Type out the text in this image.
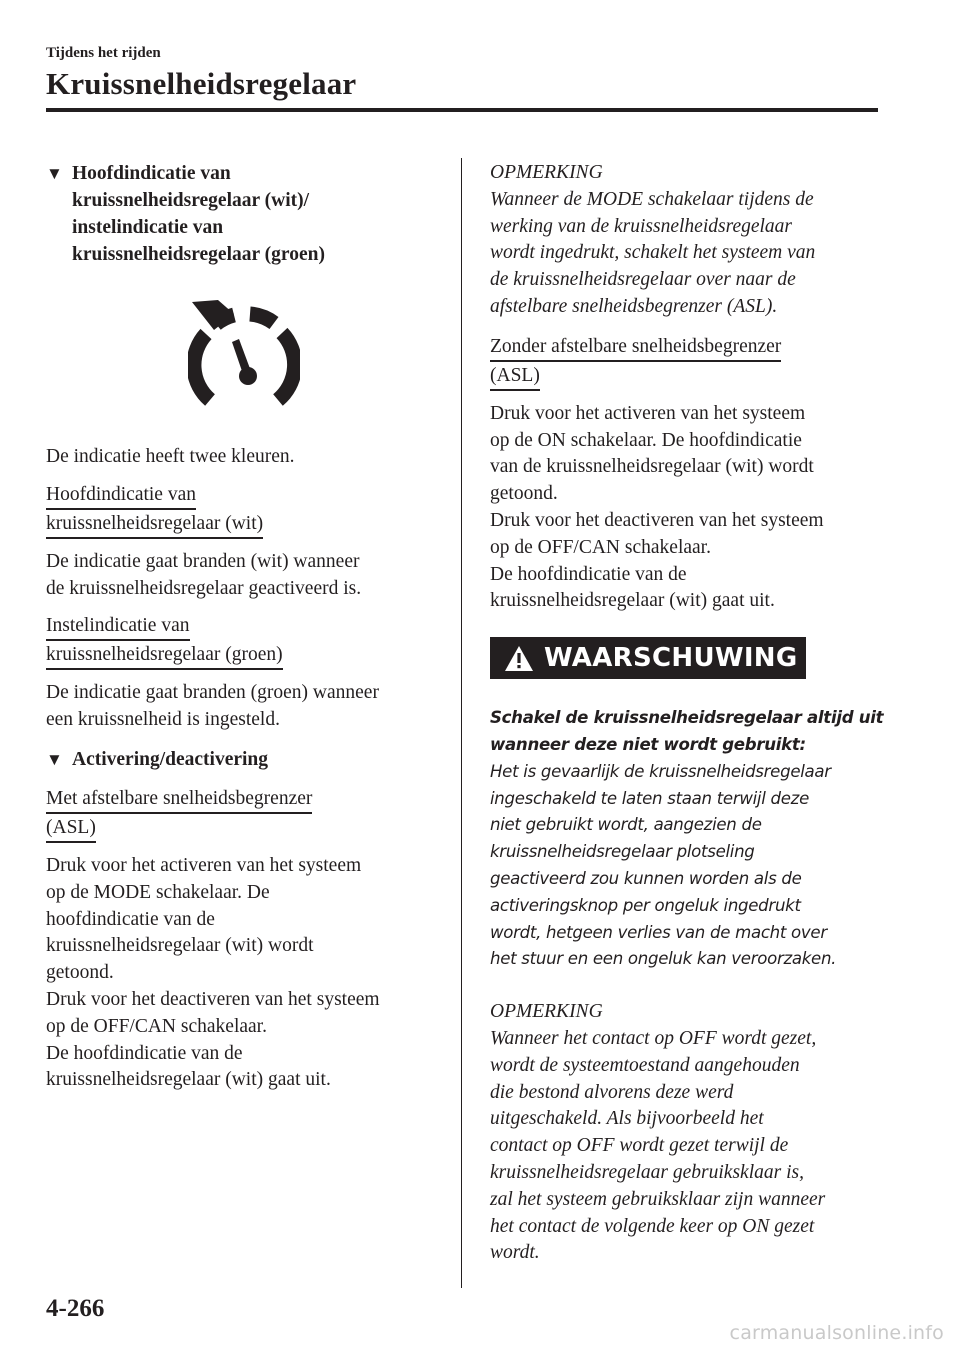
Tijdens het rijden
Kruissnelheidsregelaar
▼ Hoofdindicatie van
kruissnelheidsregelaar (wit)/
instelindicatie van
kruissnelheidsregelaar (groen)

De indicatie heeft twee kleuren.

Hoofdindicatie van
kruissnelheidsregelaar (wit)

De indicatie gaat branden (wit) wanneer
de kruissnelheidsregelaar geactiveerd is.

Instelindicatie van
kruissnelheidsregelaar (groen)

De indicatie gaat branden (groen) wanneer
een kruissnelheid is ingesteld.

▼ Activering/deactivering
Met afstelbare snelheidsbegrenzer
(ASL)

Druk voor het activeren van het systeem
op de MODE schakelaar. De
hoofdindicatie van de
kruissnelheidsregelaar (wit) wordt
getoond.
Druk voor het deactiveren van het systeem
op de OFF/CAN schakelaar.
De hoofdindicatie van de
kruissnelheidsregelaar (wit) gaat uit.

OPMERKING

Wanneer de MODE schakelaar tijdens de
werking van de kruissnelheidsregelaar
wordt ingedrukt, schakelt het systeem van
de kruissnelheidsregelaar over naar de
afstelbare snelheidsbegrenzer (ASL).

Zonder afstelbare snelheidsbegrenzer
(ASL)

Druk voor het activeren van het systeem
op de ON schakelaar. De hoofdindicatie
van de kruissnelheidsregelaar (wit) wordt
getoond.
Druk voor het deactiveren van het systeem
op de OFF/CAN schakelaar.
De hoofdindicatie van de
kruissnelheidsregelaar (wit) gaat uit.

WAARSCHUWING

Schakel de kruissnelheidsregelaar altijd uit
wanneer deze niet wordt gebruikt:
Het is gevaarlijk de kruissnelheidsregelaar
ingeschakeld te laten staan terwijl deze
niet gebruikt wordt, aangezien de
kruissnelheidsregelaar plotseling
geactiveerd zou kunnen worden als de
activeringsknop per ongeluk ingedrukt
wordt, hetgeen verlies van de macht over
het stuur en een ongeluk kan veroorzaken.

OPMERKING

Wanneer het contact op OFF wordt gezet,
wordt de systeemtoestand aangehouden
die bestond alvorens deze werd
uitgeschakeld. Als bijvoorbeeld het
contact op OFF wordt gezet terwijl de
kruissnelheidsregelaar gebruiksklaar is,
zal het systeem gebruiksklaar zijn wanneer
het contact de volgende keer op ON gezet
wordt.

4-266
carmanualsonline.info
